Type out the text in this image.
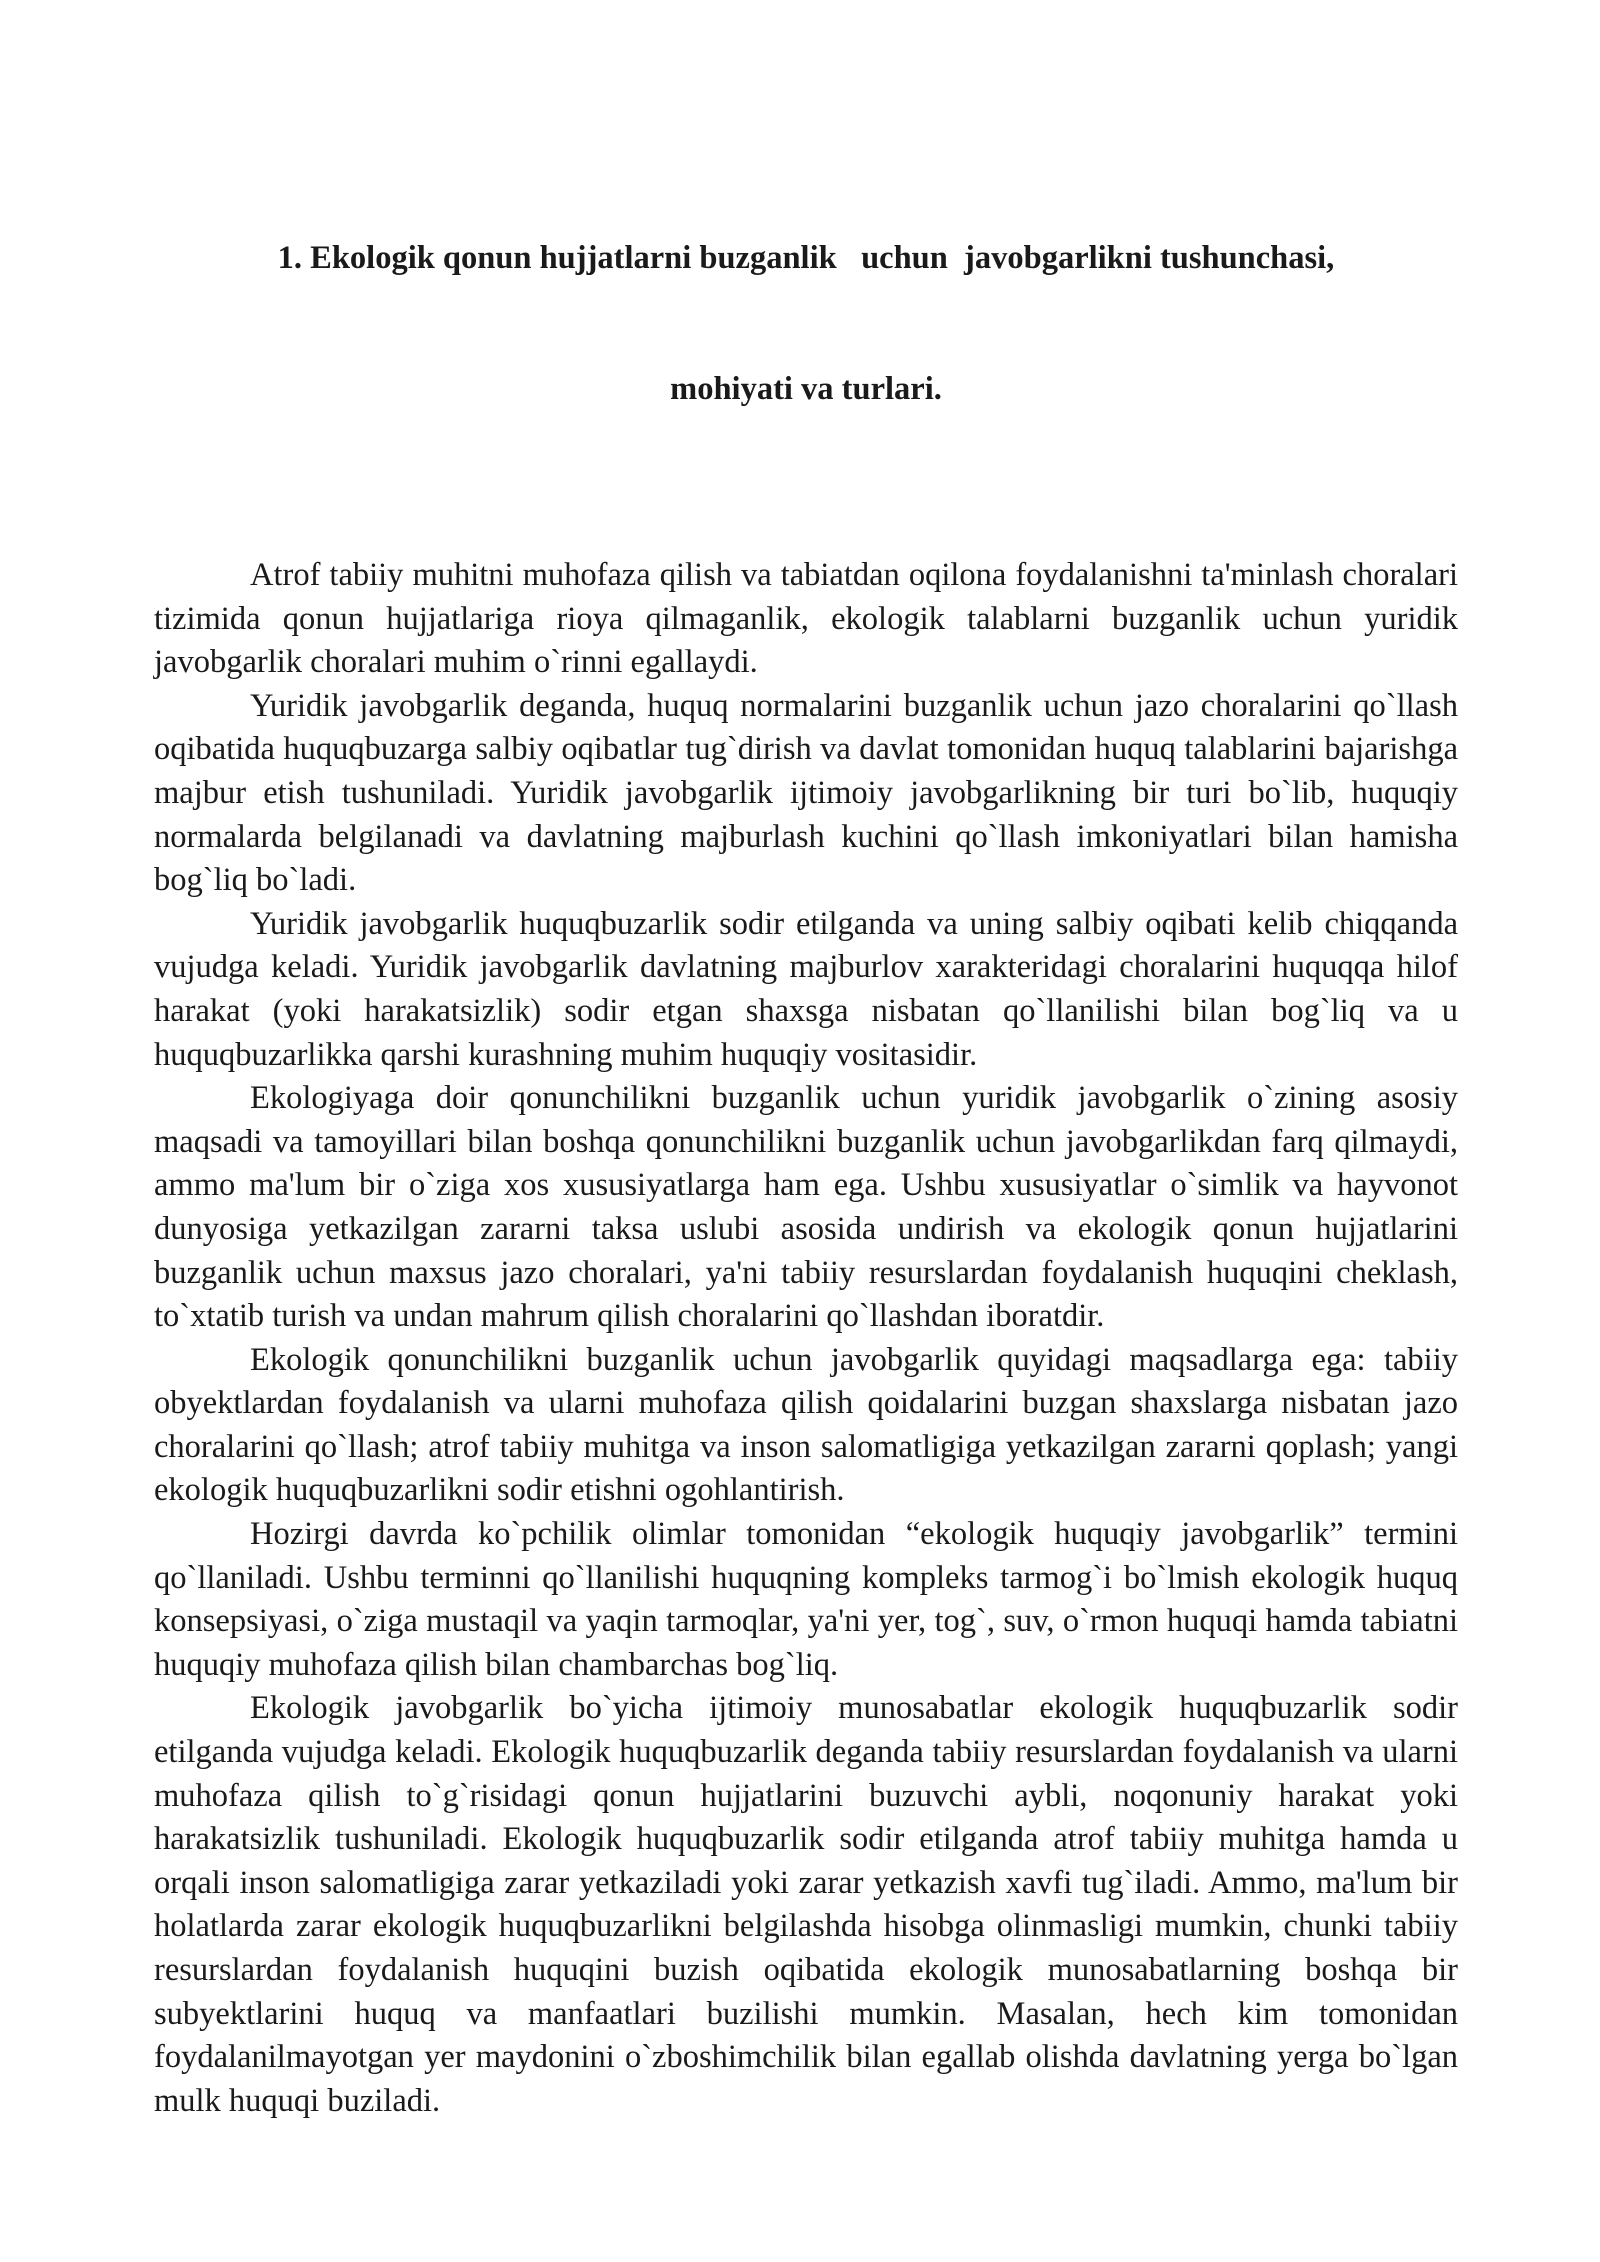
1. Ekologik qonun hujjatlarni buzganlik   uchun  javobgarlikni tushunchasi,

mohiyati va turlari.

Atrof tabiiy muhitni muhofaza qilish va tabiatdan oqilona foydalanishni ta'minlash choralari tizimida qonun hujjatlariga rioya qilmaganlik, ekologik talablarni buzganlik uchun yuridik javobgarlik choralari muhim o`rinni egallaydi.

Yuridik javobgarlik deganda, huquq normalarini buzganlik uchun jazo choralarini qo`llash oqibatida huquqbuzarga salbiy oqibatlar tug`dirish va davlat tomonidan huquq talablarini bajarishga majbur etish tushuniladi. Yuridik javobgarlik ijtimoiy javobgarlikning bir turi bo`lib, huquqiy normalarda belgilanadi va davlatning majburlash kuchini qo`llash imkoniyatlari bilan hamisha bog`liq bo`ladi.

Yuridik javobgarlik huquqbuzarlik sodir etilganda va uning salbiy oqibati kelib chiqqanda vujudga keladi. Yuridik javobgarlik davlatning majburlov xarakteridagi choralarini huquqqa hilof harakat (yoki harakatsizlik) sodir etgan shaxsga nisbatan qo`llanilishi bilan bog`liq va u huquqbuzarlikka qarshi kurashning muhim huquqiy vositasidir.

Ekologiyaga doir qonunchilikni buzganlik uchun yuridik javobgarlik o`zining asosiy maqsadi va tamoyillari bilan boshqa qonunchilikni buzganlik uchun javobgarlikdan farq qilmaydi, ammo ma'lum bir o`ziga xos xususiyatlarga ham ega. Ushbu xususiyatlar o`simlik va hayvonot dunyosiga yetkazilgan zararni taksa uslubi asosida undirish va ekologik qonun hujjatlarini buzganlik uchun maxsus jazo choralari, ya'ni tabiiy resurslardan foydalanish huquqini cheklash, to`xtatib turish va undan mahrum qilish choralarini qo`llashdan iboratdir.

Ekologik qonunchilikni buzganlik uchun javobgarlik quyidagi maqsadlarga ega: tabiiy obyektlardan foydalanish va ularni muhofaza qilish qoidalarini buzgan shaxslarga nisbatan jazo choralarini qo`llash; atrof tabiiy muhitga va inson salomatligiga yetkazilgan zararni qoplash; yangi ekologik huquqbuzarlikni sodir etishni ogohlantirish.

Hozirgi davrda ko`pchilik olimlar tomonidan “ekologik huquqiy javobgarlik” termini qo`llaniladi. Ushbu terminni qo`llanilishi huquqning kompleks tarmog`i bo`lmish ekologik huquq konsepsiyasi, o`ziga mustaqil va yaqin tarmoqlar, ya'ni yer, tog`, suv, o`rmon huquqi hamda tabiatni huquqiy muhofaza qilish bilan chambarchas bog`liq.

Ekologik javobgarlik bo`yicha ijtimoiy munosabatlar ekologik huquqbuzarlik sodir etilganda vujudga keladi. Ekologik huquqbuzarlik deganda tabiiy resurslardan foydalanish va ularni muhofaza qilish to`g`risidagi qonun hujjatlarini buzuvchi aybli, noqonuniy harakat yoki harakatsizlik tushuniladi. Ekologik huquqbuzarlik sodir etilganda atrof tabiiy muhitga hamda u orqali inson salomatligiga zarar yetkaziladi yoki zarar yetkazish xavfi tug`iladi. Ammo, ma'lum bir holatlarda zarar ekologik huquqbuzarlikni belgilashda hisobga olinmasligi mumkin, chunki tabiiy resurslardan foydalanish huquqini buzish oqibatida ekologik munosabatlarning boshqa bir subyektlarini huquq va manfaatlari buzilishi mumkin. Masalan, hech kim tomonidan foydalanilmayotgan yer maydonini o`zboshimchilik bilan egallab olishda davlatning yerga bo`lgan mulk huquqi buziladi.
